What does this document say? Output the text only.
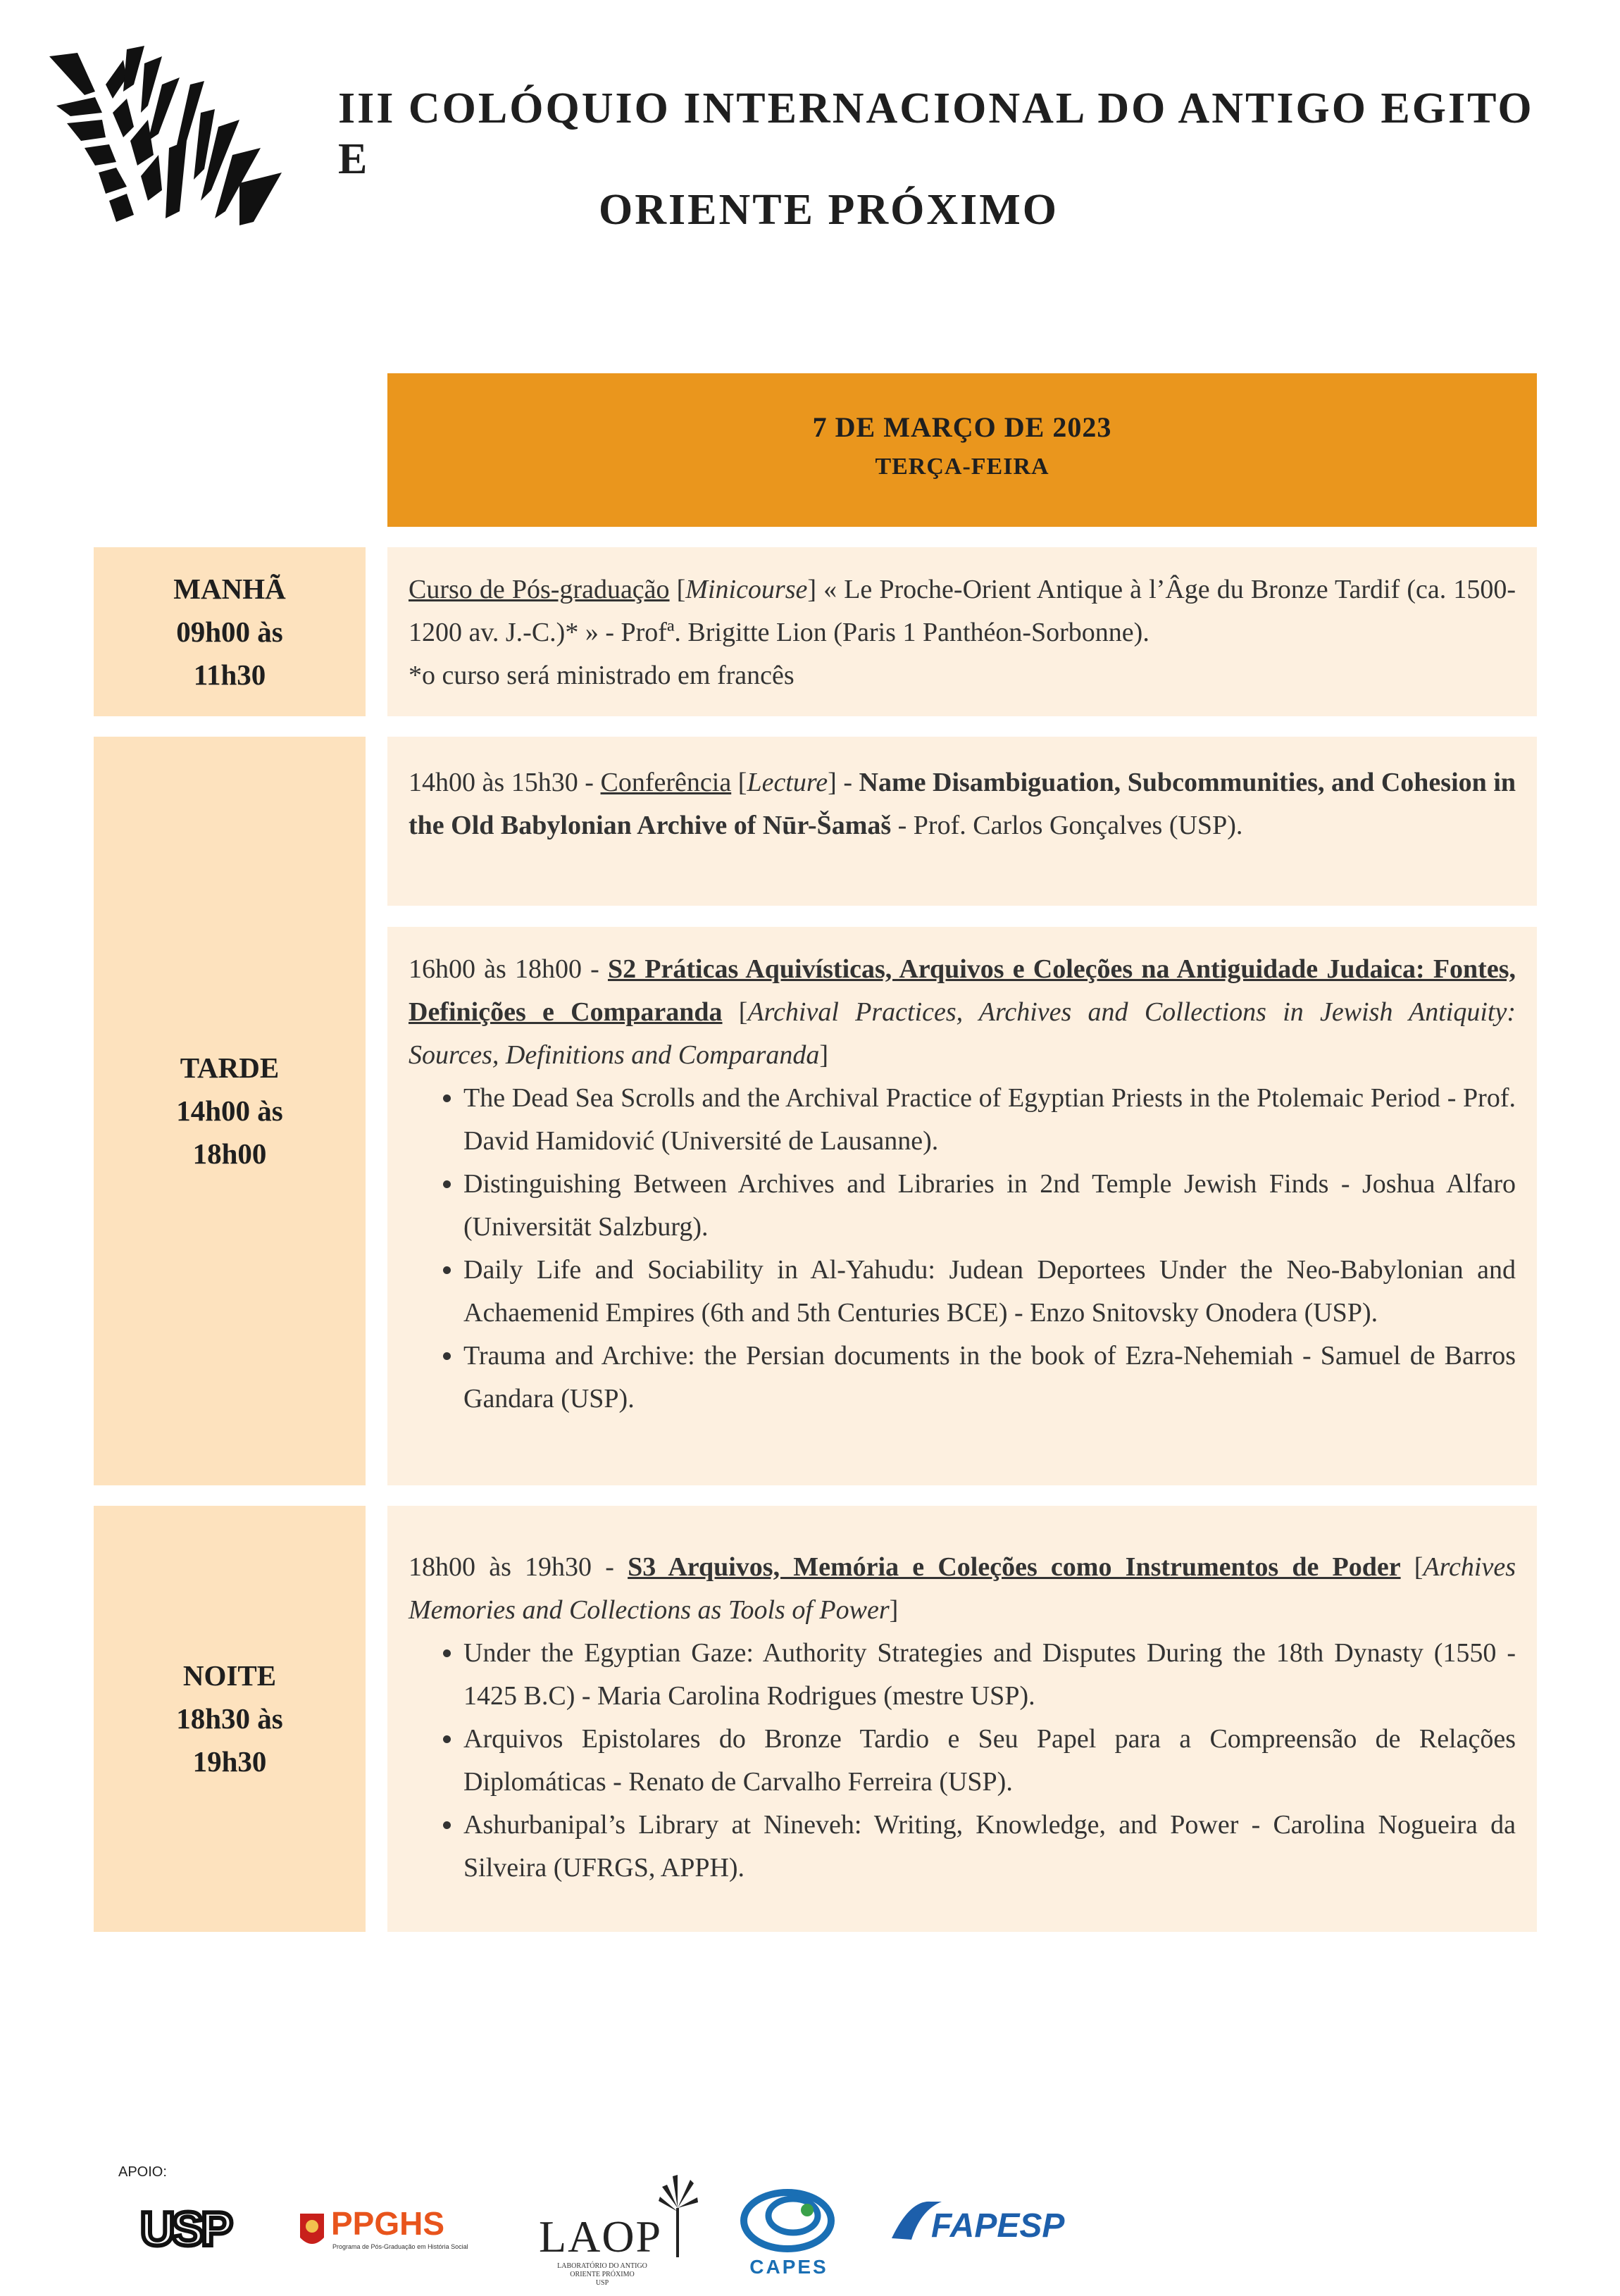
III COLÓQUIO INTERNACIONAL DO ANTIGO EGITO E
ORIENTE PRÓXIMO
7 DE MARÇO DE 2023
TERÇA-FEIRA
MANHÃ
09h00 às
11h30

Curso de Pós-graduação [Minicourse] « Le Proche-Orient Antique à l’Âge du Bronze Tardif (ca. 1500-1200 av. J.-C.)* » - Profª. Brigitte Lion (Paris 1 Panthéon-Sorbonne).

*o curso será ministrado em francês

TARDE
14h00 às
18h00

14h00 às 15h30 - Conferência [Lecture] - Name Disambiguation, Subcommunities, and Cohesion in the Old Babylonian Archive of Nūr-Šamaš - Prof. Carlos Gonçalves (USP).

16h00 às 18h00 - S2 Práticas Aquivísticas, Arquivos e Coleções na Antiguidade Judaica: Fontes, Definições e Comparanda [Archival Practices, Archives and Collections in Jewish Antiquity: Sources, Definitions and Comparanda]

• The Dead Sea Scrolls and the Archival Practice of Egyptian Priests in the Ptolemaic Period - Prof. David Hamidović (Université de Lausanne).
• Distinguishing Between Archives and Libraries in 2nd Temple Jewish Finds - Joshua Alfaro (Universität Salzburg).
• Daily Life and Sociability in Al-Yahudu: Judean Deportees Under the Neo-Babylonian and Achaemenid Empires (6th and 5th Centuries BCE) - Enzo Snitovsky Onodera (USP).
• Trauma and Archive: the Persian documents in the book of Ezra-Nehemiah - Samuel de Barros Gandara (USP).
NOITE
18h30 às
19h30

18h00 às 19h30 - S3 Arquivos, Memória e Coleções como Instrumentos de Poder [Archives Memories and Collections as Tools of Power]

• Under the Egyptian Gaze: Authority Strategies and Disputes During the 18th Dynasty (1550 - 1425 B.C) - Maria Carolina Rodrigues (mestre USP).
• Arquivos Epistolares do Bronze Tardio e Seu Papel para a Compreensão de Relações Diplomáticas - Renato de Carvalho Ferreira (USP).
• Ashurbanipal’s Library at Nineveh: Writing, Knowledge, and Power - Carolina Nogueira da Silveira (UFRGS, APPH).
APOIO:
USP	PPGHS
Programa de Pós-Graduação em História Social LAOP
LABORATÓRIO DO ANTIGO
ORIENTE PRÓXIMO
USP
CAPES
FAPESP
